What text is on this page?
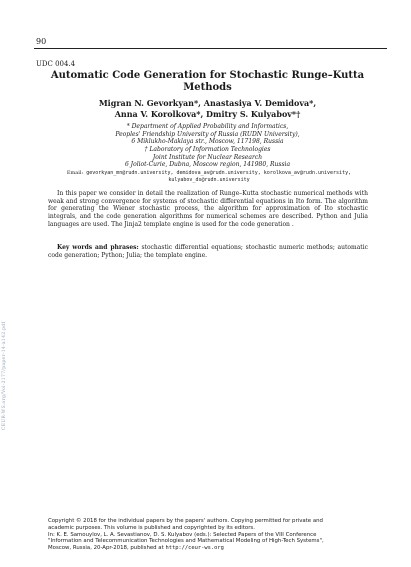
90
UDC 004.4
Automatic Code Generation for Stochastic Runge–Kutta Methods
Migran N. Gevorkyan*, Anastasiya V. Demidova*,
Anna V. Korolkova*, Dmitry S. Kulyabov*†
* Department of Applied Probability and Informatics,
Peoples' Friendship University of Russia (RUDN University),
6 Miklukho-Maklaya str., Moscow, 117198, Russia
† Laboratory of Information Technologies
Joint Institute for Nuclear Research
6 Joliot-Curie, Dubna, Moscow region, 141980, Russia
Email: gevorkyan_mn@rudn.university, demidova_av@rudn.university, korolkova_av@rudn.university,
kulyabov_ds@rudn.university

In this paper we consider in detail the realization of Runge–Kutta stochastic numerical methods with weak and strong convergence for systems of stochastic differential equations in Ito form. The algorithm for generating the Wiener stochastic process, the algorithm for approximation of Ito stochastic integrals, and the code generation algorithms for numerical schemes are described. Python and Julia languages are used. The Jinja2 template engine is used for the code generation .

Key words and phrases: stochastic differential equations; stochastic numeric methods; automatic code generation; Python; Julia; the template engine.

CEUR-WS.org/Vol-2177/paper-14-a142.pdf
Copyright © 2018 for the individual papers by the papers' authors. Copying permitted for private and
academic purposes. This volume is published and copyrighted by its editors.
In: K. E. Samouylov, L. A. Sevastianov, D. S. Kulyabov (eds.): Selected Papers of the VIII Conference
"Information and Telecommunication Technologies and Mathematical Modeling of High-Tech Systems",
Moscow, Russia, 20-Apr-2018, published at http://ceur-ws.org
